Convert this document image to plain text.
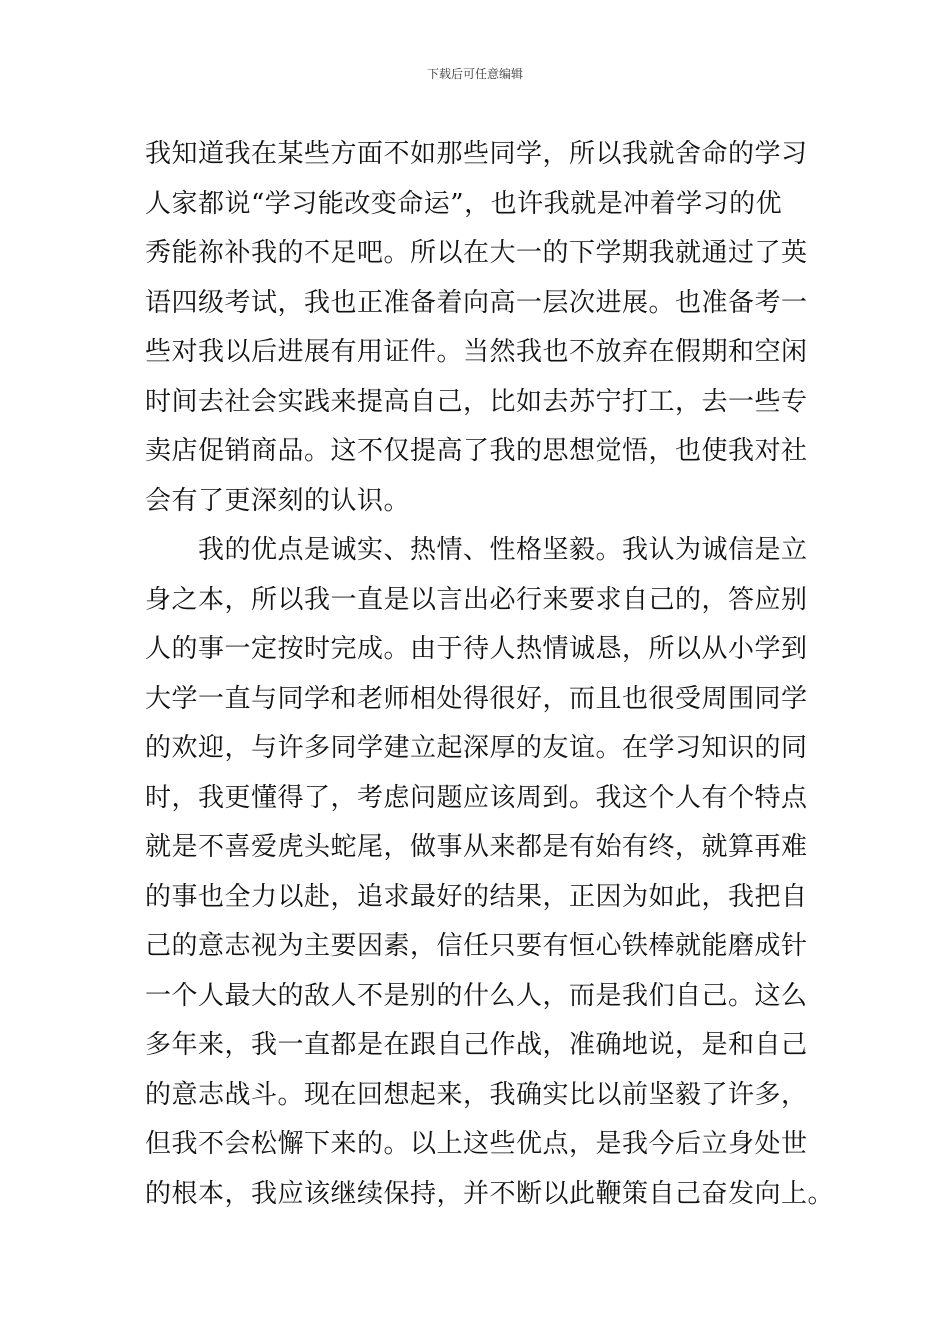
下载后可任意编辑
我知道我在某些方面不如那些同学，所以我就舍命的学习
人家都说“学习能改变命运”，也许我就是冲着学习的优
秀能祢补我的不足吧。所以在大一的下学期我就通过了英
语四级考试，我也正准备着向高一层次进展。也准备考一
些对我以后进展有用证件。当然我也不放弃在假期和空闲
时间去社会实践来提高自己，比如去苏宁打工，去一些专
卖店促销商品。这不仅提高了我的思想觉悟，也使我对社
会有了更深刻的认识。
　　我的优点是诚实、热情、性格坚毅。我认为诚信是立
身之本，所以我一直是以言出必行来要求自己的，答应别
人的事一定按时完成。由于待人热情诚恳，所以从小学到
大学一直与同学和老师相处得很好，而且也很受周围同学
的欢迎，与许多同学建立起深厚的友谊。在学习知识的同
时，我更懂得了，考虑问题应该周到。我这个人有个特点
就是不喜爱虎头蛇尾，做事从来都是有始有终，就算再难
的事也全力以赴，追求最好的结果，正因为如此，我把自
己的意志视为主要因素，信任只要有恒心铁棒就能磨成针
一个人最大的敌人不是别的什么人，而是我们自己。这么
多年来，我一直都是在跟自己作战，准确地说，是和自己
的意志战斗。现在回想起来，我确实比以前坚毅了许多，
但我不会松懈下来的。以上这些优点，是我今后立身处世
的根本，我应该继续保持，并不断以此鞭策自己奋发向上。
